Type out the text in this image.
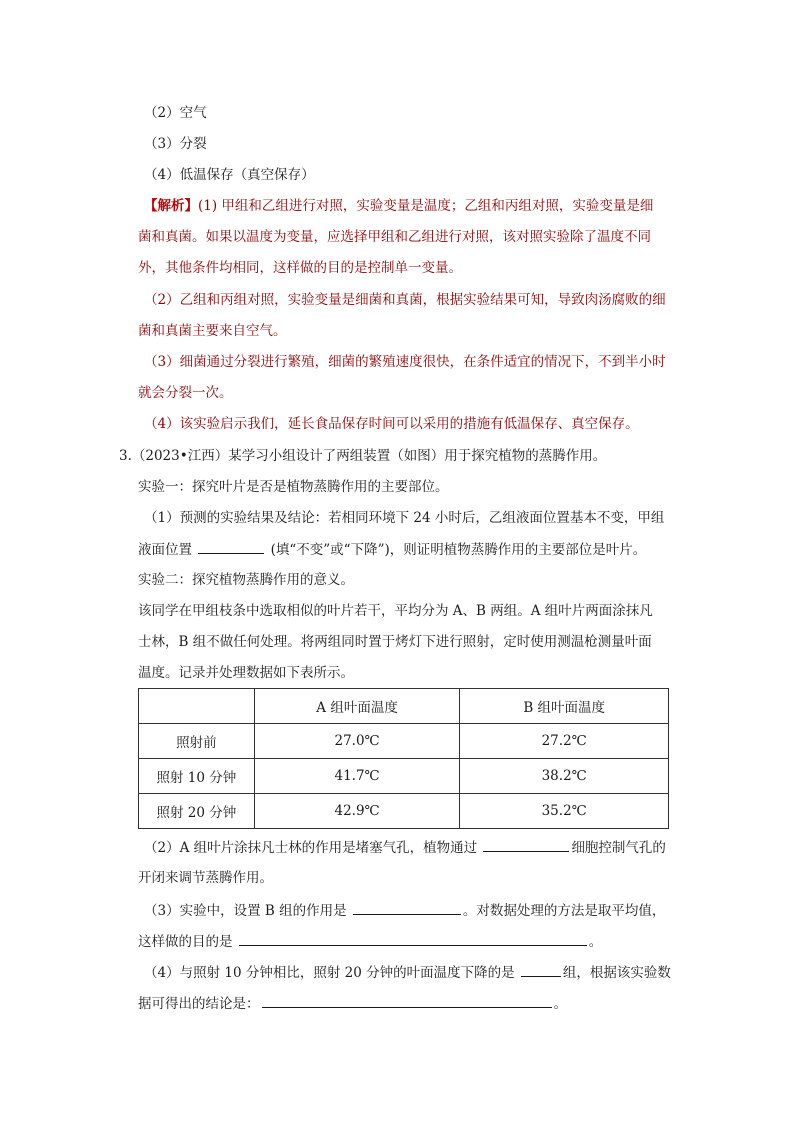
（2）空气
（3）分裂
（4）低温保存（真空保存）
【解析】(1) 甲组和乙组进行对照，实验变量是温度；乙组和丙组对照，实验变量是细
菌和真菌。如果以温度为变量，应选择甲组和乙组进行对照，该对照实验除了温度不同
外，其他条件均相同，这样做的目的是控制单一变量。
（2）乙组和丙组对照，实验变量是细菌和真菌，根据实验结果可知，导致肉汤腐败的细
菌和真菌主要来自空气。
（3）细菌通过分裂进行繁殖，细菌的繁殖速度很快，在条件适宜的情况下，不到半小时
就会分裂一次。
（4）该实验启示我们，延长食品保存时间可以采用的措施有低温保存、真空保存。
3.（2023•江西）某学习小组设计了两组装置（如图）用于探究植物的蒸腾作用。
实验一：探究叶片是否是植物蒸腾作用的主要部位。
（1）预测的实验结果及结论：若相同环境下 24 小时后，乙组液面位置基本不变，甲组
液面位置	(填“不变”或“下降”)，则证明植物蒸腾作用的主要部位是叶片。
实验二：探究植物蒸腾作用的意义。
该同学在甲组枝条中选取相似的叶片若干，平均分为 A、B 两组。A 组叶片两面涂抹凡
士林，B 组不做任何处理。将两组同时置于烤灯下进行照射，定时使用测温枪测量叶面
温度。记录并处理数据如下表所示。
	A 组叶面温度	B 组叶面温度
照射前	27.0℃	27.2℃
照射 10 分钟	41.7℃	38.2℃
照射 20 分钟	42.9℃	35.2℃
（2）A 组叶片涂抹凡士林的作用是堵塞气孔，植物通过	细胞控制气孔的
开闭来调节蒸腾作用。
（3）实验中，设置 B 组的作用是	。对数据处理的方法是取平均值，
这样做的目的是	。
（4）与照射 10 分钟相比，照射 20 分钟的叶面温度下降的是	组，根据该实验数
据可得出的结论是：	。
